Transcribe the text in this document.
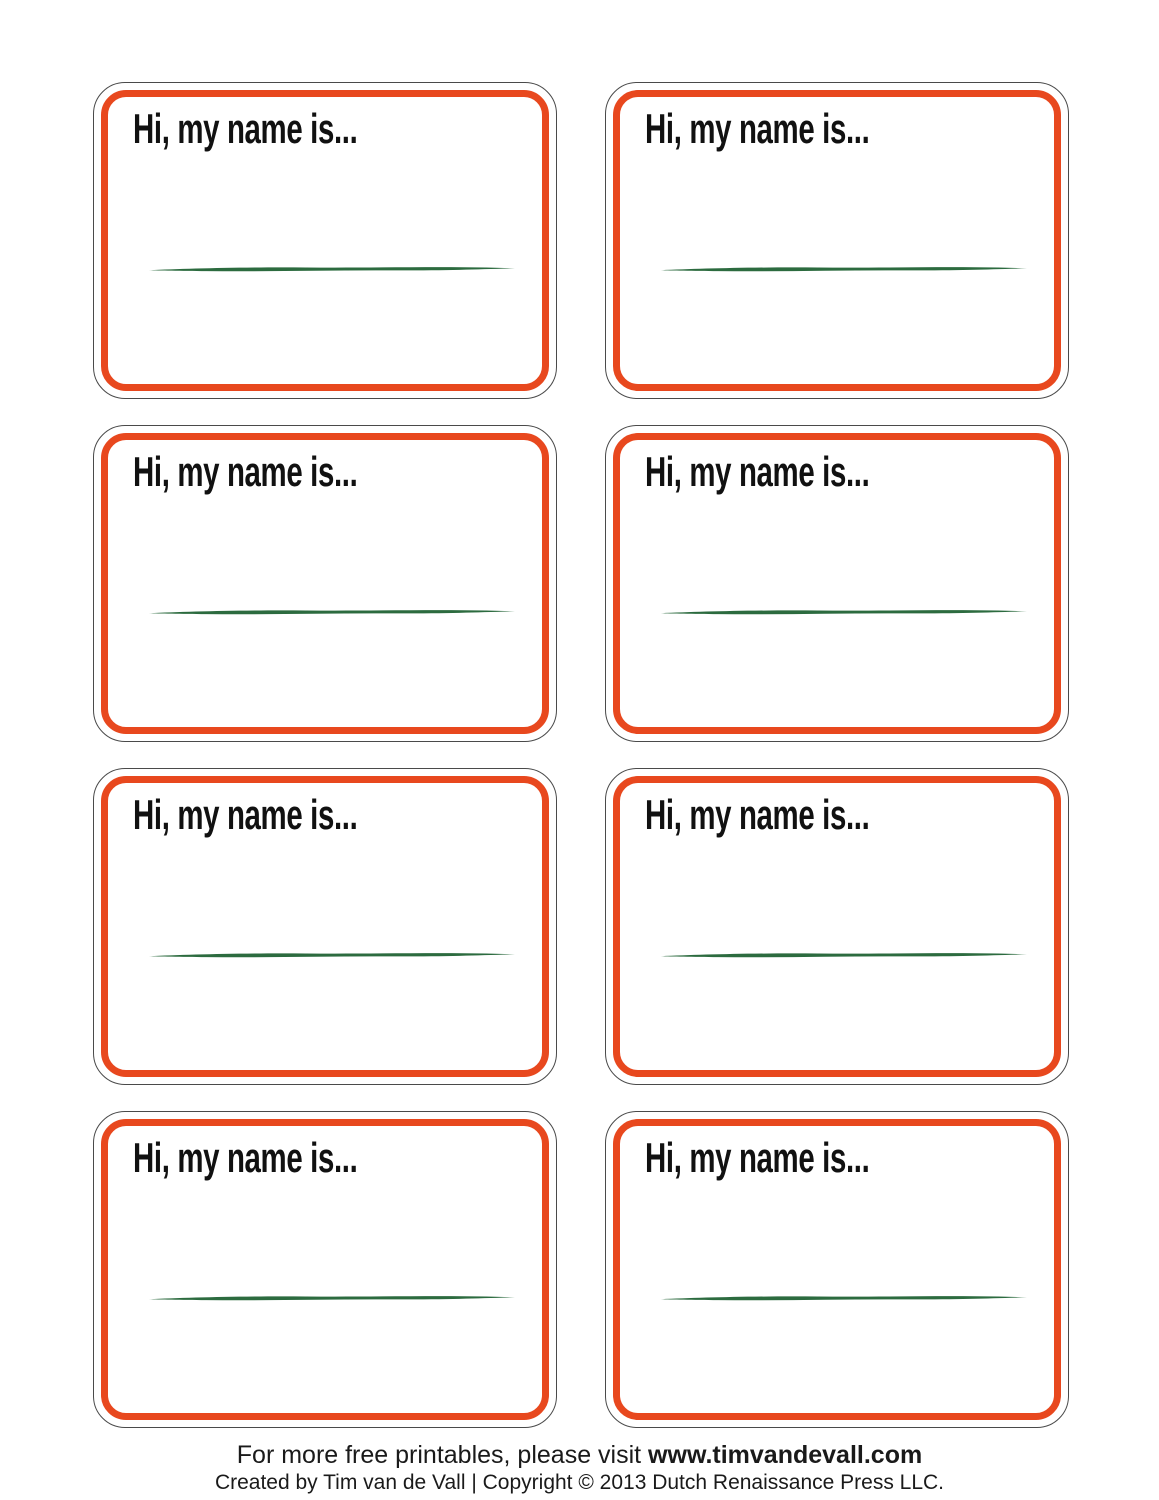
Hi, my name is...	Hi, my name is...
Hi, my name is...	Hi, my name is...
Hi, my name is...	Hi, my name is...
Hi, my name is...	Hi, my name is...
For more free printables, please visit www.timvandevall.com
Created by Tim van de Vall | Copyright © 2013 Dutch Renaissance Press LLC.
